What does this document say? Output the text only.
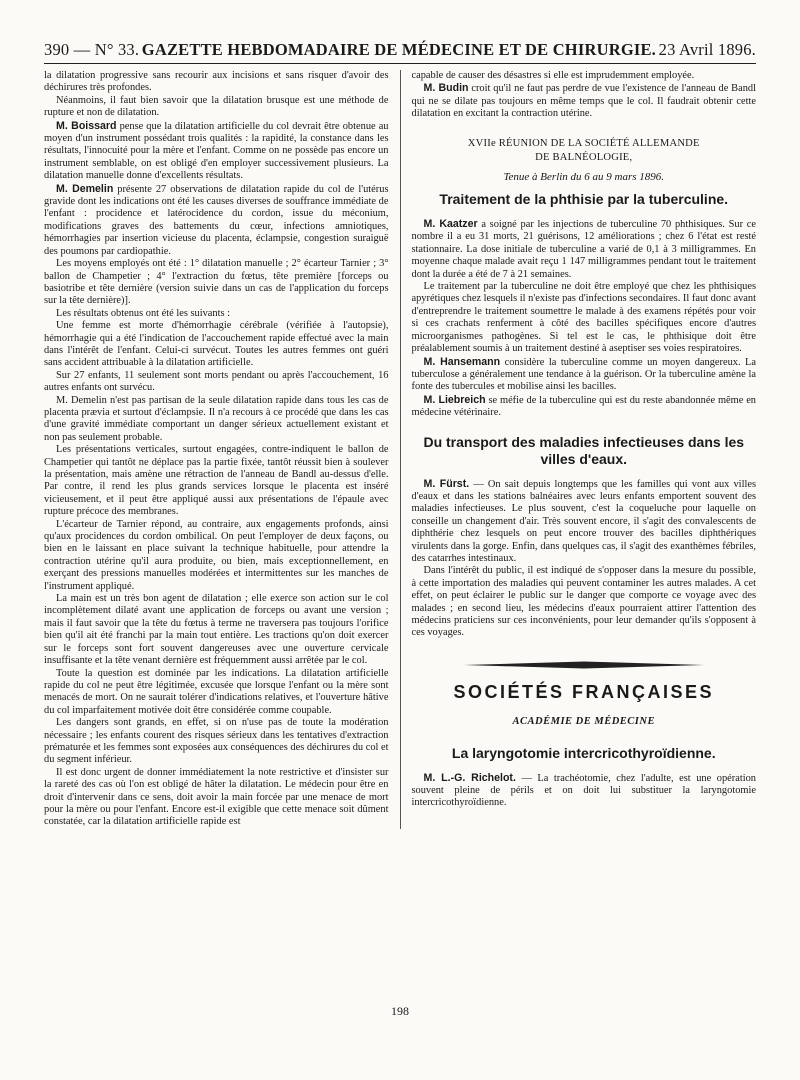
390 — N° 33. GAZETTE HEBDOMADAIRE DE MÉDECINE ET DE CHIRURGIE. 23 Avril 1896.

la dilatation progressive sans recourir aux incisions et sans risquer d'avoir des déchirures très profondes.

Néanmoins, il faut bien savoir que la dilatation brusque est une méthode de rupture et non de dilatation.

M. Boissard pense que la dilatation artificielle du col devrait être obtenue au moyen d'un instrument possédant trois qualités : la rapidité, la constance dans les résultats, l'innocuité pour la mère et l'enfant. Comme on ne possède pas encore un instrument semblable, on est obligé d'en employer successivement plusieurs. La dilatation manuelle donne d'excellents résultats.

M. Demelin présente 27 observations de dilatation rapide du col de l'utérus gravide dont les indications ont été les causes diverses de souffrance immédiate de l'enfant : procidence et latérocidence du cordon, issue du méconium, modifications graves des battements du cœur, infections amniotiques, hémorrhagies par insertion vicieuse du placenta, éclampsie, congestion suraiguë des poumons par cardiopathie.

Les moyens employés ont été : 1° dilatation manuelle ; 2° écarteur Tarnier ; 3° ballon de Champetier ; 4° l'extraction du fœtus, tête première [forceps ou basiotribe et tête dernière (version suivie dans un cas de l'application du forceps sur la tête dernière)].

Les résultats obtenus ont été les suivants :

Une femme est morte d'hémorrhagie cérébrale (vérifiée à l'autopsie), hémorrhagie qui a été l'indication de l'accouchement rapide effectué avec la main dans l'intérêt de l'enfant. Celui-ci survécut. Toutes les autres femmes ont guéri sans accident attribuable à la dilatation artificielle.

Sur 27 enfants, 11 seulement sont morts pendant ou après l'accouchement, 16 autres enfants ont survécu.

M. Demelin n'est pas partisan de la seule dilatation rapide dans tous les cas de placenta prævia et surtout d'éclampsie. Il n'a recours à ce procédé que dans les cas d'une gravité immédiate comportant un danger sérieux actuellement existant et non pas seulement probable.

Les présentations verticales, surtout engagées, contre-indiquent le ballon de Champetier qui tantôt ne déplace pas la partie fixée, tantôt réussit bien à soulever la présentation, mais amène une rétraction de l'anneau de Bandl au-dessus d'elle. Par contre, il rend les plus grands services lorsque le placenta est inséré vicieusement, et il peut être appliqué aussi aux présentations de l'épaule avec rupture précoce des membranes.

L'écarteur de Tarnier répond, au contraire, aux engagements profonds, ainsi qu'aux procidences du cordon ombilical. On peut l'employer de deux façons, ou bien en le laissant en place suivant la technique habituelle, pour attendre la contraction utérine qu'il aura produite, ou bien, mais exceptionnellement, en exerçant des pressions manuelles modérées et intermittentes sur les manches de l'instrument appliqué.

La main est un très bon agent de dilatation ; elle exerce son action sur le col incomplètement dilaté avant une application de forceps ou avant une version ; mais il faut savoir que la tête du fœtus à terme ne traversera pas toujours l'orifice bien qu'il ait été franchi par la main tout entière. Les tractions qu'on doit exercer sur le forceps sont fort souvent dangereuses avec une ouverture cervicale insuffisante et la tête venant dernière est fréquemment aussi arrêtée par le col.

Toute la question est dominée par les indications. La dilatation artificielle rapide du col ne peut être légitimée, excusée que lorsque l'enfant ou la mère sont menacés de mort. On ne saurait tolérer d'indications relatives, et l'ouverture hâtive du col imparfaitement motivée doit être considérée comme coupable.

Les dangers sont grands, en effet, si on n'use pas de toute la modération nécessaire ; les enfants courent des risques sérieux dans les tentatives d'extraction prématurée et les femmes sont exposées aux conséquences des déchirures du col et du segment inférieur.

Il est donc urgent de donner immédiatement la note restrictive et d'insister sur la rareté des cas où l'on est obligé de hâter la dilatation. Le médecin pour être en droit d'intervenir dans ce sens, doit avoir la main forcée par une menace de mort pour la mère ou pour l'enfant. Encore est-il exigible que cette menace soit dûment constatée, car la dilatation artificielle rapide est

capable de causer des désastres si elle est imprudemment employée.

M. Budin croit qu'il ne faut pas perdre de vue l'existence de l'anneau de Bandl qui ne se dilate pas toujours en même temps que le col. Il faudrait obtenir cette dilatation en excitant la contraction utérine.

XVIIe RÉUNION DE LA SOCIÉTÉ ALLEMANDE
DE BALNÉOLOGIE,
Tenue à Berlin du 6 au 9 mars 1896.
Traitement de la phthisie par la tuberculine.

M. Kaatzer a soigné par les injections de tuberculine 70 phthisiques. Sur ce nombre il a eu 31 morts, 21 guérisons, 12 améliorations ; chez 6 l'état est resté stationnaire. La dose initiale de tuberculine a varié de 0,1 à 3 milligrammes. En moyenne chaque malade avait reçu 1 147 milligrammes pendant tout le traitement dont la durée a été de 7 à 21 semaines.

Le traitement par la tuberculine ne doit être employé que chez les phthisiques apyrétiques chez lesquels il n'existe pas d'infections secondaires. Il faut donc avant d'entreprendre le traitement soumettre le malade à des examens répétés pour voir si ces crachats renferment à côté des bacilles spécifiques encore d'autres microorganismes pathogènes. Si tel est le cas, le phthisique doit être préalablement soumis à un traitement destiné à aseptiser ses voies respiratoires.

M. Hansemann considère la tuberculine comme un moyen dangereux. La tuberculose a généralement une tendance à la guérison. Or la tuberculine amène la fonte des tubercules et mobilise ainsi les bacilles.

M. Liebreich se méfie de la tuberculine qui est du reste abandonnée même en médecine vétérinaire.

Du transport des maladies infectieuses dans les villes d'eaux.

M. Fürst. — On sait depuis longtemps que les familles qui vont aux villes d'eaux et dans les stations balnéaires avec leurs enfants emportent souvent des maladies infectieuses. Le plus souvent, c'est la coqueluche pour laquelle on conseille un changement d'air. Très souvent encore, il s'agit des convalescents de diphthérie chez lesquels on peut encore trouver des bacilles diphthériques virulents dans la gorge. Enfin, dans quelques cas, il s'agit des exanthèmes fébriles, des catarrhes intestinaux.

Dans l'intérêt du public, il est indiqué de s'opposer dans la mesure du possible, à cette importation des maladies qui peuvent contaminer les autres malades. A cet effet, on peut éclairer le public sur le danger que comporte ce voyage avec des malades ; en second lieu, les médecins d'eaux pourraient attirer l'attention des médecins praticiens sur ces inconvénients, pour leur demander qu'ils s'opposent à ces voyages.

SOCIÉTÉS FRANÇAISES
ACADÉMIE DE MÉDECINE
La laryngotomie intercricothyroïdienne.

M. L.-G. Richelot. — La trachéotomie, chez l'adulte, est une opération souvent pleine de périls et on doit lui substituer la laryngotomie intercricothyroïdienne.

198
